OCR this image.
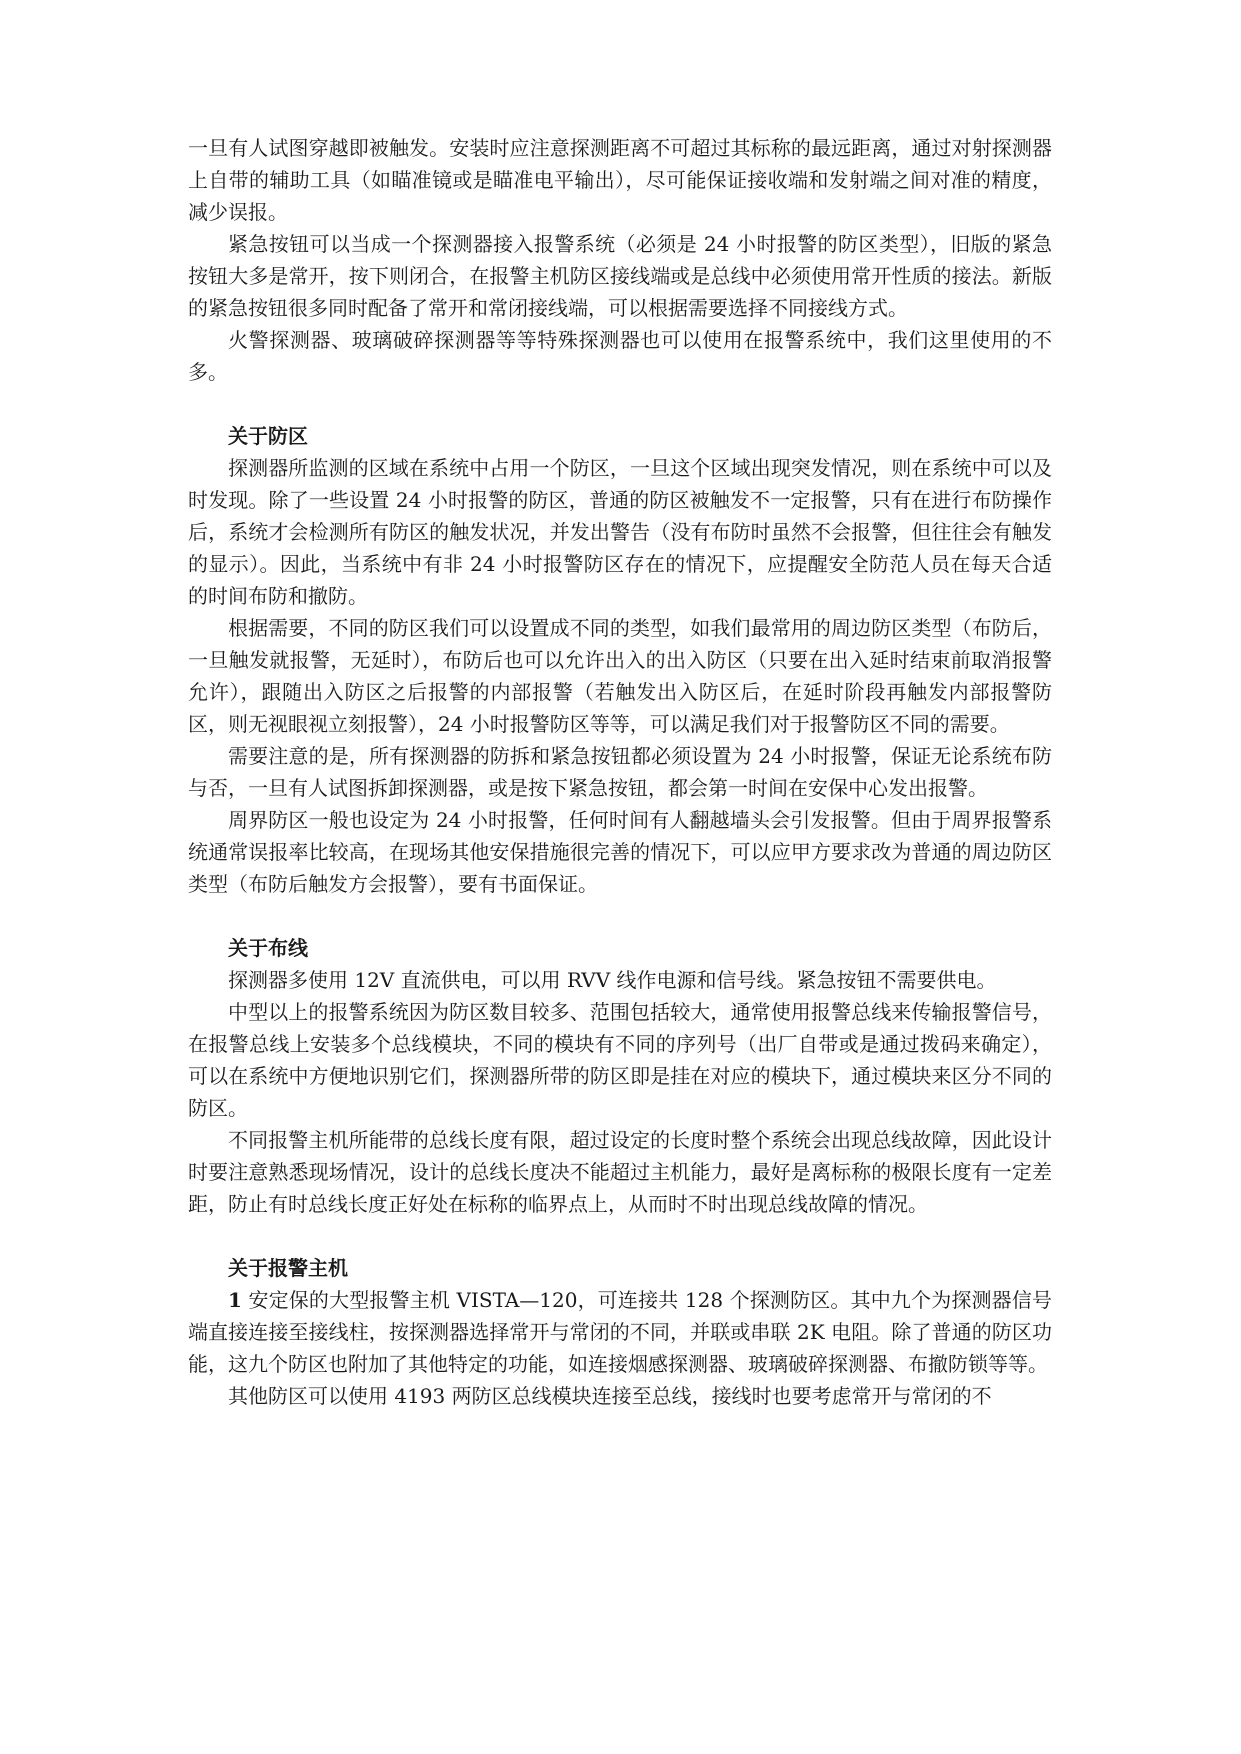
一旦有人试图穿越即被触发。安装时应注意探测距离不可超过其标称的最远距离，通过对射探测器上自带的辅助工具（如瞄准镜或是瞄准电平输出），尽可能保证接收端和发射端之间对准的精度，减少误报。

紧急按钮可以当成一个探测器接入报警系统（必须是 24 小时报警的防区类型），旧版的紧急按钮大多是常开，按下则闭合，在报警主机防区接线端或是总线中必须使用常开性质的接法。新版的紧急按钮很多同时配备了常开和常闭接线端，可以根据需要选择不同接线方式。

火警探测器、玻璃破碎探测器等等特殊探测器也可以使用在报警系统中，我们这里使用的不多。

关于防区

探测器所监测的区域在系统中占用一个防区，一旦这个区域出现突发情况，则在系统中可以及时发现。除了一些设置 24 小时报警的防区，普通的防区被触发不一定报警，只有在进行布防操作后，系统才会检测所有防区的触发状况，并发出警告（没有布防时虽然不会报警，但往往会有触发的显示）。因此，当系统中有非 24 小时报警防区存在的情况下，应提醒安全防范人员在每天合适的时间布防和撤防。

根据需要，不同的防区我们可以设置成不同的类型，如我们最常用的周边防区类型（布防后，一旦触发就报警，无延时），布防后也可以允许出入的出入防区（只要在出入延时结束前取消报警允许），跟随出入防区之后报警的内部报警（若触发出入防区后，在延时阶段再触发内部报警防区，则无视眼视立刻报警），24 小时报警防区等等，可以满足我们对于报警防区不同的需要。

需要注意的是，所有探测器的防拆和紧急按钮都必须设置为 24 小时报警，保证无论系统布防与否，一旦有人试图拆卸探测器，或是按下紧急按钮，都会第一时间在安保中心发出报警。

周界防区一般也设定为 24 小时报警，任何时间有人翻越墙头会引发报警。但由于周界报警系统通常误报率比较高，在现场其他安保措施很完善的情况下，可以应甲方要求改为普通的周边防区类型（布防后触发方会报警），要有书面保证。

关于布线

探测器多使用 12V 直流供电，可以用 RVV 线作电源和信号线。紧急按钮不需要供电。

中型以上的报警系统因为防区数目较多、范围包括较大，通常使用报警总线来传输报警信号，在报警总线上安装多个总线模块，不同的模块有不同的序列号（出厂自带或是通过拨码来确定），可以在系统中方便地识别它们，探测器所带的防区即是挂在对应的模块下，通过模块来区分不同的防区。

不同报警主机所能带的总线长度有限，超过设定的长度时整个系统会出现总线故障，因此设计时要注意熟悉现场情况，设计的总线长度决不能超过主机能力，最好是离标称的极限长度有一定差距，防止有时总线长度正好处在标称的临界点上，从而时不时出现总线故障的情况。

关于报警主机

1 安定保的大型报警主机 VISTA—120，可连接共 128 个探测防区。其中九个为探测器信号端直接连接至接线柱，按探测器选择常开与常闭的不同，并联或串联 2K 电阻。除了普通的防区功能，这九个防区也附加了其他特定的功能，如连接烟感探测器、玻璃破碎探测器、布撤防锁等等。

其他防区可以使用 4193 两防区总线模块连接至总线，接线时也要考虑常开与常闭的不
